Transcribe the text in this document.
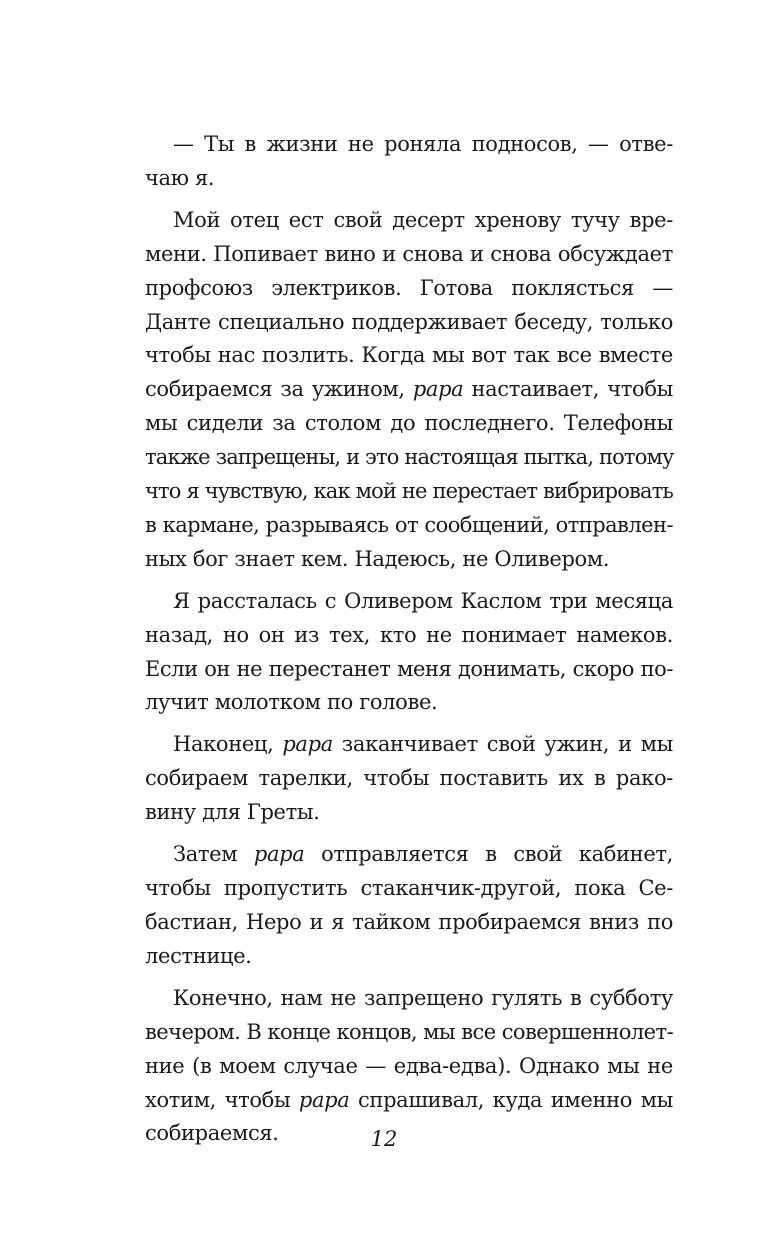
— Ты в жизни не роняла подносов, — отве-
чаю я.
Мой отец ест свой десерт хренову тучу вре-
мени. Попивает вино и снова и снова обсуждает
профсоюз электриков. Готова поклясться —
Данте специально поддерживает беседу, только
чтобы нас позлить. Когда мы вот так все вместе
собираемся за ужином, papa настаивает, чтобы
мы сидели за столом до последнего. Телефоны
также запрещены, и это настоящая пытка, потому
что я чувствую, как мой не перестает вибрировать
в кармане, разрываясь от сообщений, отправлен-
ных бог знает кем. Надеюсь, не Оливером.
Я рассталась с Оливером Каслом три месяца
назад, но он из тех, кто не понимает намеков.
Если он не перестанет меня донимать, скоро по-
лучит молотком по голове.
Наконец, papa заканчивает свой ужин, и мы
собираем тарелки, чтобы поставить их в рако-
вину для Греты.
Затем papa отправляется в свой кабинет,
чтобы пропустить стаканчик-другой, пока Се-
бастиан, Неро и я тайком пробираемся вниз по
лестнице.
Конечно, нам не запрещено гулять в субботу
вечером. В конце концов, мы все совершеннолет-
ние (в моем случае — едва-едва). Однако мы не
хотим, чтобы papa спрашивал, куда именно мы
собираемся.	12
